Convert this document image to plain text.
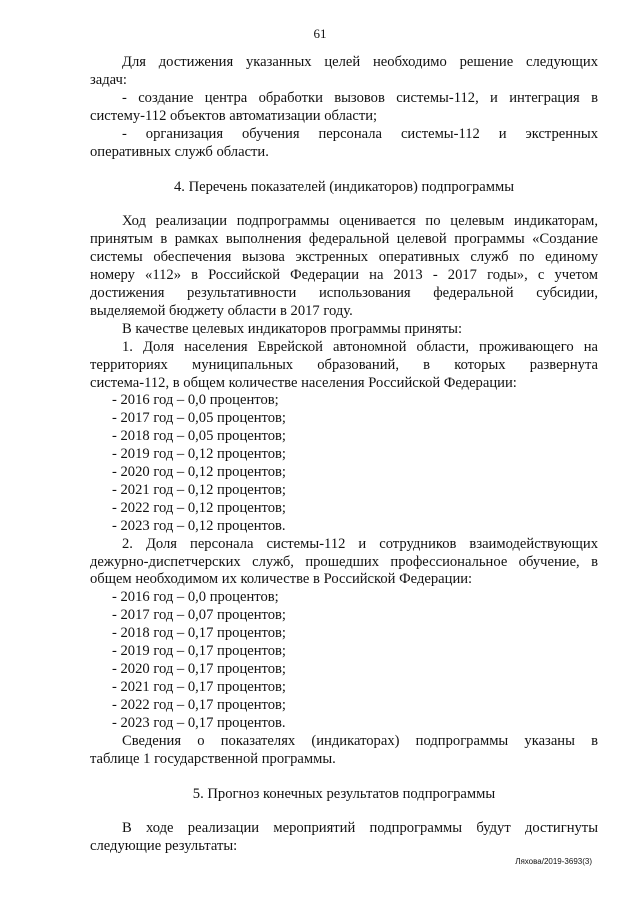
61

Для достижения указанных целей необходимо решение следующих

задач:

- создание центра обработки вызовов системы-112, и интеграция в

систему-112 объектов автоматизации области;

- организация обучения персонала системы-112 и экстренных

оперативных служб области.

4. Перечень показателей (индикаторов) подпрограммы

Ход реализации подпрограммы оценивается по целевым индикаторам,

принятым в рамках выполнения федеральной целевой программы «Создание

системы обеспечения вызова экстренных оперативных служб по единому

номеру «112» в Российской Федерации на 2013 - 2017 годы», с учетом

достижения результативности использования федеральной субсидии,

выделяемой бюджету области в 2017 году.

В качестве целевых индикаторов программы приняты:

1. Доля населения Еврейской автономной области, проживающего на

территориях муниципальных образований, в которых развернута

система-112, в общем количестве населения Российской Федерации:

- 2016 год – 0,0 процентов;

- 2017 год – 0,05 процентов;

- 2018 год – 0,05 процентов;

- 2019 год – 0,12 процентов;

- 2020 год – 0,12 процентов;

- 2021 год – 0,12 процентов;

- 2022 год – 0,12 процентов;

- 2023 год – 0,12 процентов.

2. Доля персонала системы-112 и сотрудников взаимодействующих

дежурно-диспетчерских служб, прошедших профессиональное обучение, в

общем необходимом их количестве в Российской Федерации:

- 2016 год – 0,0 процентов;

- 2017 год – 0,07 процентов;

- 2018 год – 0,17 процентов;

- 2019 год – 0,17 процентов;

- 2020 год – 0,17 процентов;

- 2021 год – 0,17 процентов;

- 2022 год – 0,17 процентов;

- 2023 год – 0,17 процентов.

Сведения о показателях (индикаторах) подпрограммы указаны в

таблице 1 государственной программы.

5. Прогноз конечных результатов подпрограммы

В ходе реализации мероприятий подпрограммы будут достигнуты

следующие результаты:

Ляхова/2019-3693(3)
